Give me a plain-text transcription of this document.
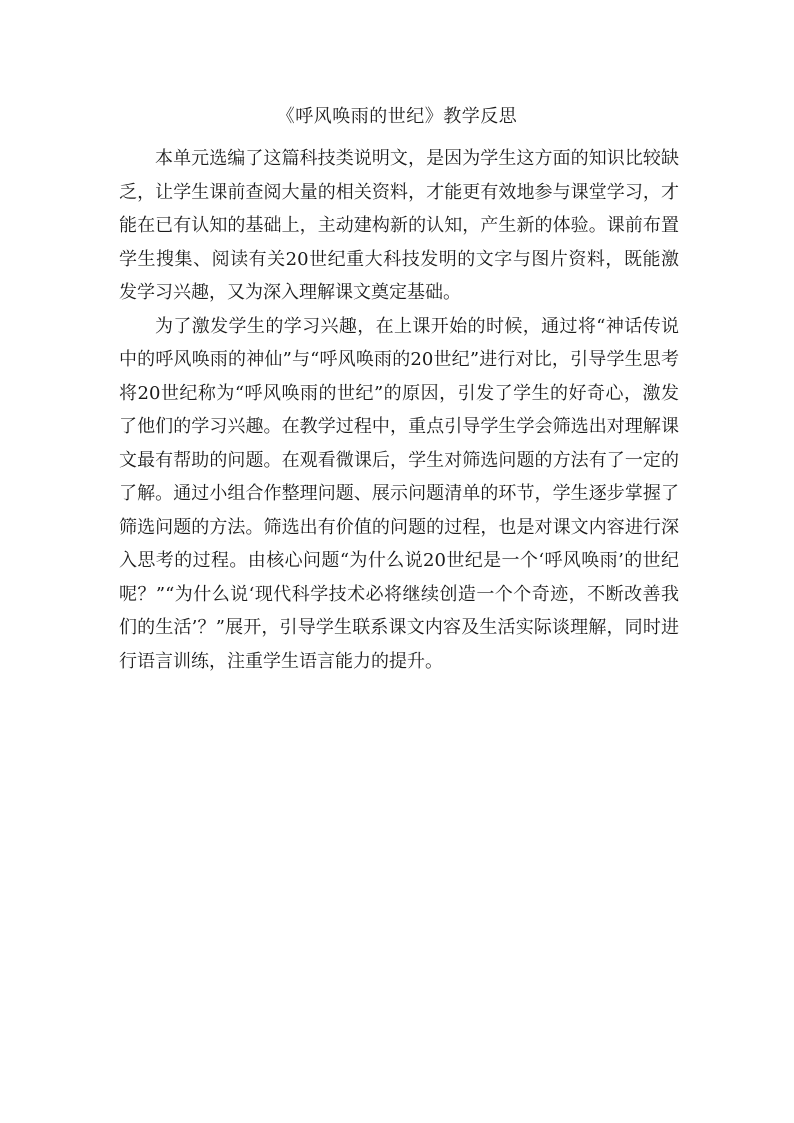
《呼风唤雨的世纪》教学反思

本单元选编了这篇科技类说明文，是因为学生这方面的知识比较缺乏，让学生课前查阅大量的相关资料，才能更有效地参与课堂学习，才能在已有认知的基础上，主动建构新的认知，产生新的体验。课前布置学生搜集、阅读有关20世纪重大科技发明的文字与图片资料，既能激发学习兴趣，又为深入理解课文奠定基础。

为了激发学生的学习兴趣，在上课开始的时候，通过将“神话传说中的呼风唤雨的神仙”与“呼风唤雨的20世纪”进行对比，引导学生思考将20世纪称为“呼风唤雨的世纪”的原因，引发了学生的好奇心，激发了他们的学习兴趣。在教学过程中，重点引导学生学会筛选出对理解课文最有帮助的问题。在观看微课后，学生对筛选问题的方法有了一定的了解。通过小组合作整理问题、展示问题清单的环节，学生逐步掌握了筛选问题的方法。筛选出有价值的问题的过程，也是对课文内容进行深入思考的过程。由核心问题“为什么说20世纪是一个‘呼风唤雨’的世纪呢？”“为什么说‘现代科学技术必将继续创造一个个奇迹，不断改善我们的生活’？”展开，引导学生联系课文内容及生活实际谈理解，同时进行语言训练，注重学生语言能力的提升。
